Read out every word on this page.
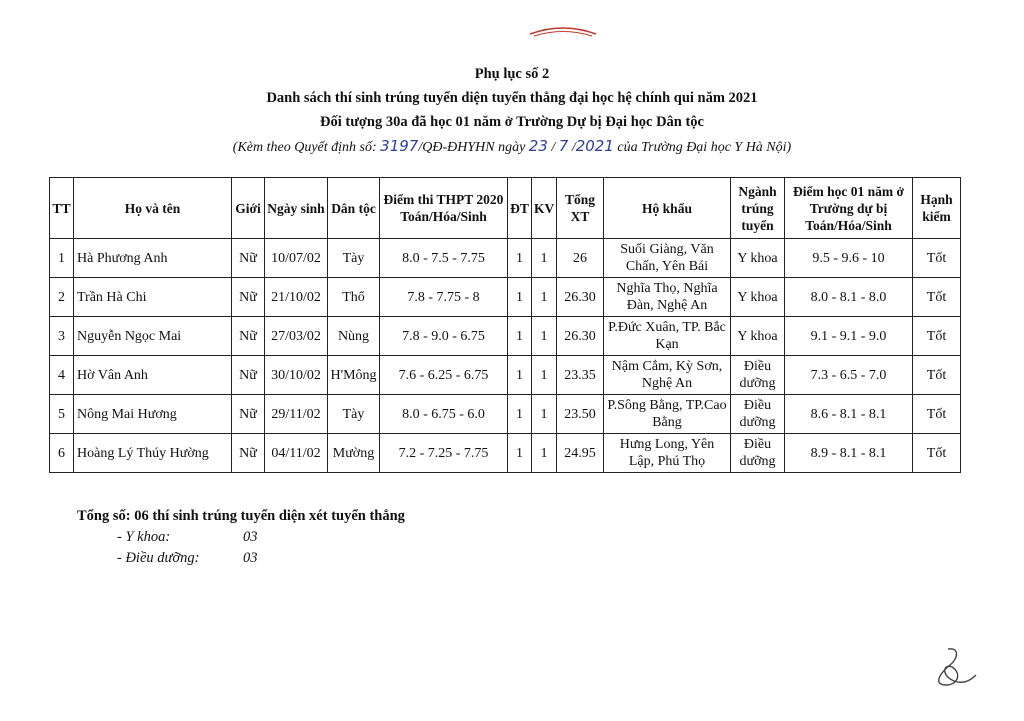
Phụ lục số 2
Danh sách thí sinh trúng tuyển diện tuyển thẳng đại học hệ chính qui năm 2021
Đối tượng 30a đã học 01 năm ở Trường Dự bị Đại học Dân tộc
(Kèm theo Quyết định số: 3197/QĐ-ĐHYHN ngày 23 / 7 /2021 của Trường Đại học Y Hà Nội)
TT	Họ và tên	Giới	Ngày sinh	Dân tộc	Điểm thi THPT 2020 Toán/Hóa/Sinh	ĐT	KV	Tổng XT	Hộ khẩu	Ngành trúng tuyển	Điểm học 01 năm ở Trường dự bị Toán/Hóa/Sinh	Hạnh kiểm
1	Hà Phương Anh	Nữ	10/07/02	Tày	8.0 - 7.5 - 7.75	1	1	26	Suối Giàng, Văn Chấn, Yên Bái	Y khoa	9.5 - 9.6 - 10	Tốt
2	Trần Hà Chi	Nữ	21/10/02	Thổ	7.8 - 7.75 - 8	1	1	26.30	Nghĩa Thọ, Nghĩa Đàn, Nghệ An	Y khoa	8.0 - 8.1 - 8.0	Tốt
3	Nguyễn Ngọc Mai	Nữ	27/03/02	Nùng	7.8 - 9.0 - 6.75	1	1	26.30	P.Đức Xuân, TP. Bắc Kạn	Y khoa	9.1 - 9.1 - 9.0	Tốt
4	Hờ Vân Anh	Nữ	30/10/02	H'Mông	7.6 - 6.25 - 6.75	1	1	23.35	Nậm Cắm, Kỳ Sơn, Nghệ An	Điều dưỡng	7.3 - 6.5 - 7.0	Tốt
5	Nông Mai Hương	Nữ	29/11/02	Tày	8.0 - 6.75 - 6.0	1	1	23.50	P.Sông Bằng, TP.Cao Bằng	Điều dưỡng	8.6 - 8.1 - 8.1	Tốt
6	Hoàng Lý Thúy Hường	Nữ	04/11/02	Mường	7.2 - 7.25 - 7.75	1	1	24.95	Hưng Long, Yên Lập, Phú Thọ	Điều dưỡng	8.9 - 8.1 - 8.1	Tốt
Tổng số: 06 thí sinh trúng tuyển diện xét tuyển thẳng
- Y khoa:	03
- Điều dưỡng:	03
